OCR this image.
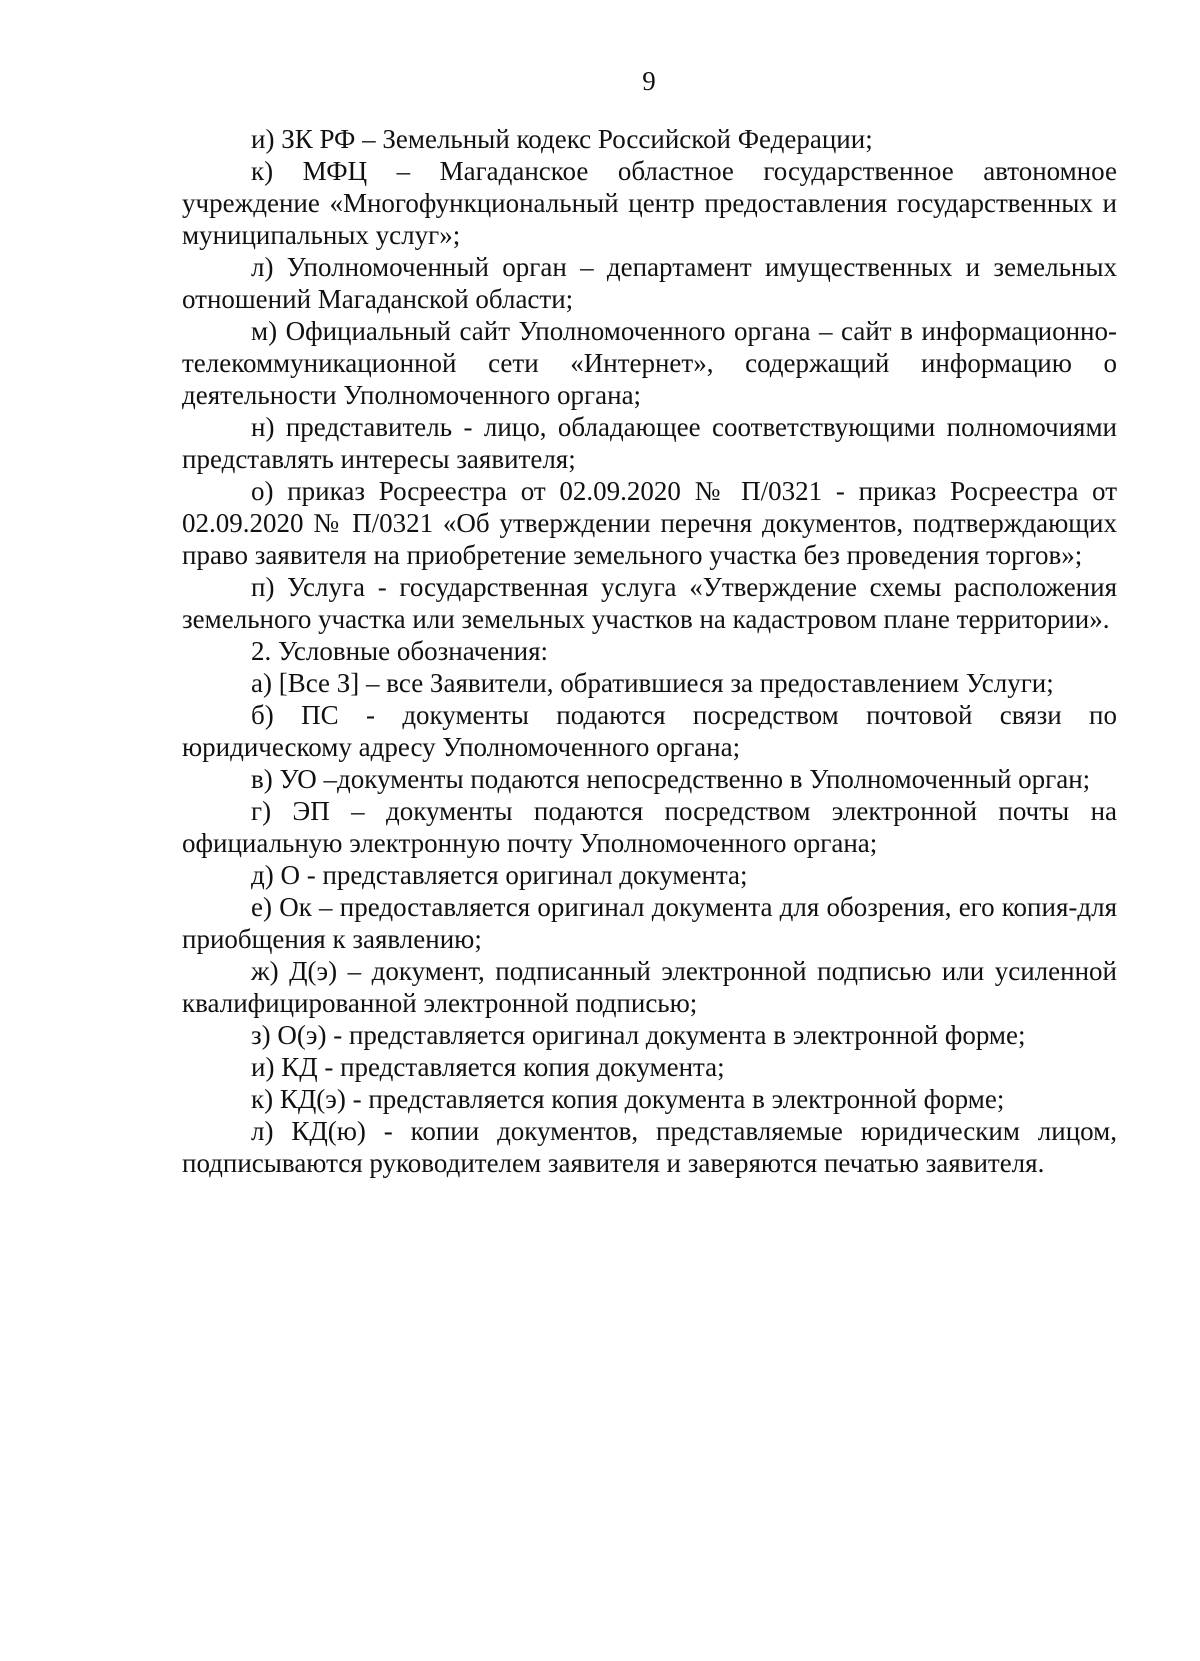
9

и) ЗК РФ – Земельный кодекс Российской Федерации;

к) МФЦ – Магаданское областное государственное автономное учреждение «Многофункциональный центр предоставления государственных и муниципальных услуг»;

л) Уполномоченный орган – департамент имущественных и земельных отношений Магаданской области;

м) Официальный сайт Уполномоченного органа – сайт в информационно-телекоммуникационной сети «Интернет», содержащий информацию о деятельности Уполномоченного органа;

н) представитель - лицо, обладающее соответствующими полномочиями представлять интересы заявителя;

о) приказ Росреестра от 02.09.2020 № П/0321 - приказ Росреестра от 02.09.2020 № П/0321 «Об утверждении перечня документов, подтверждающих право заявителя на приобретение земельного участка без проведения торгов»;

п) Услуга - государственная услуга «Утверждение схемы расположения земельного участка или земельных участков на кадастровом плане территории».

2. Условные обозначения:

а) [Все З] – все Заявители, обратившиеся за предоставлением Услуги;

б) ПС - документы подаются посредством почтовой связи по юридическому адресу Уполномоченного органа;

в) УО –документы подаются непосредственно в Уполномоченный орган;

г) ЭП – документы подаются посредством электронной почты на официальную электронную почту Уполномоченного органа;

д) О - представляется оригинал документа;

е) Ок – предоставляется оригинал документа для обозрения, его копия-для приобщения к заявлению;

ж) Д(э) – документ, подписанный электронной подписью или усиленной квалифицированной электронной подписью;

з) О(э) - представляется оригинал документа в электронной форме;

и) КД - представляется копия документа;

к) КД(э) - представляется копия документа в электронной форме;

л) КД(ю) - копии документов, представляемые юридическим лицом, подписываются руководителем заявителя и заверяются печатью заявителя.
